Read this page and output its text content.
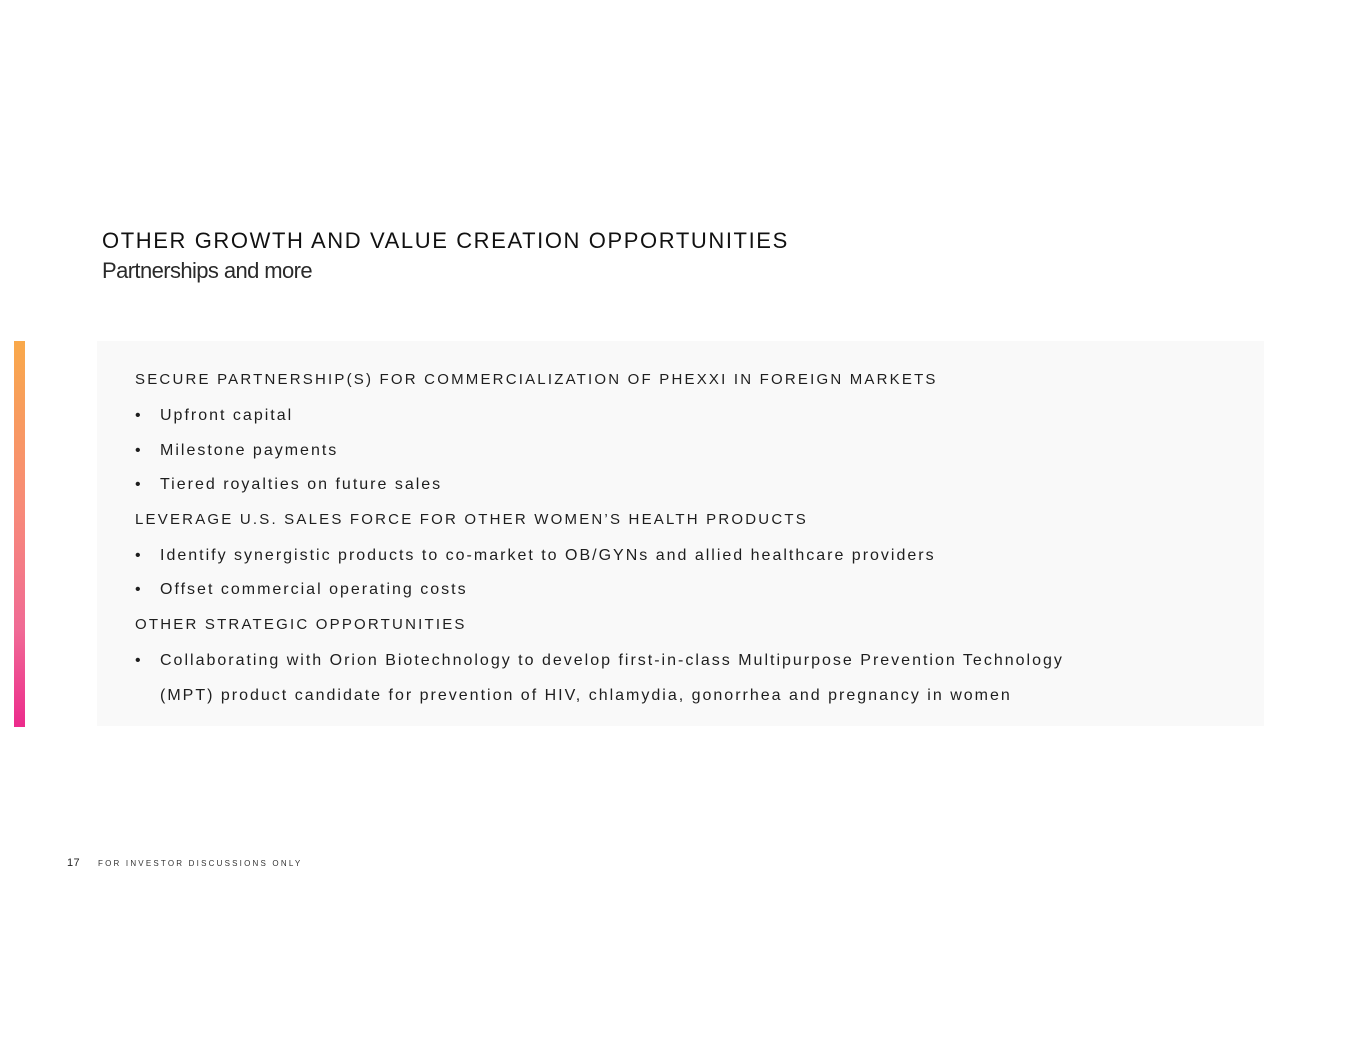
OTHER GROWTH AND VALUE CREATION OPPORTUNITIES
Partnerships and more
SECURE PARTNERSHIP(S) FOR COMMERCIALIZATION OF PHEXXI IN FOREIGN MARKETS
• Upfront capital
• Milestone payments
• Tiered royalties on future sales
LEVERAGE U.S. SALES FORCE FOR OTHER WOMEN’S HEALTH PRODUCTS
• Identify synergistic products to co-market to OB/GYNs and allied healthcare providers
• Offset commercial operating costs
OTHER STRATEGIC OPPORTUNITIES
• Collaborating with Orion Biotechnology to develop first-in-class Multipurpose Prevention Technology
(MPT) product candidate for prevention of HIV, chlamydia, gonorrhea and pregnancy in women
17 FOR INVESTOR DISCUSSIONS ONLY
